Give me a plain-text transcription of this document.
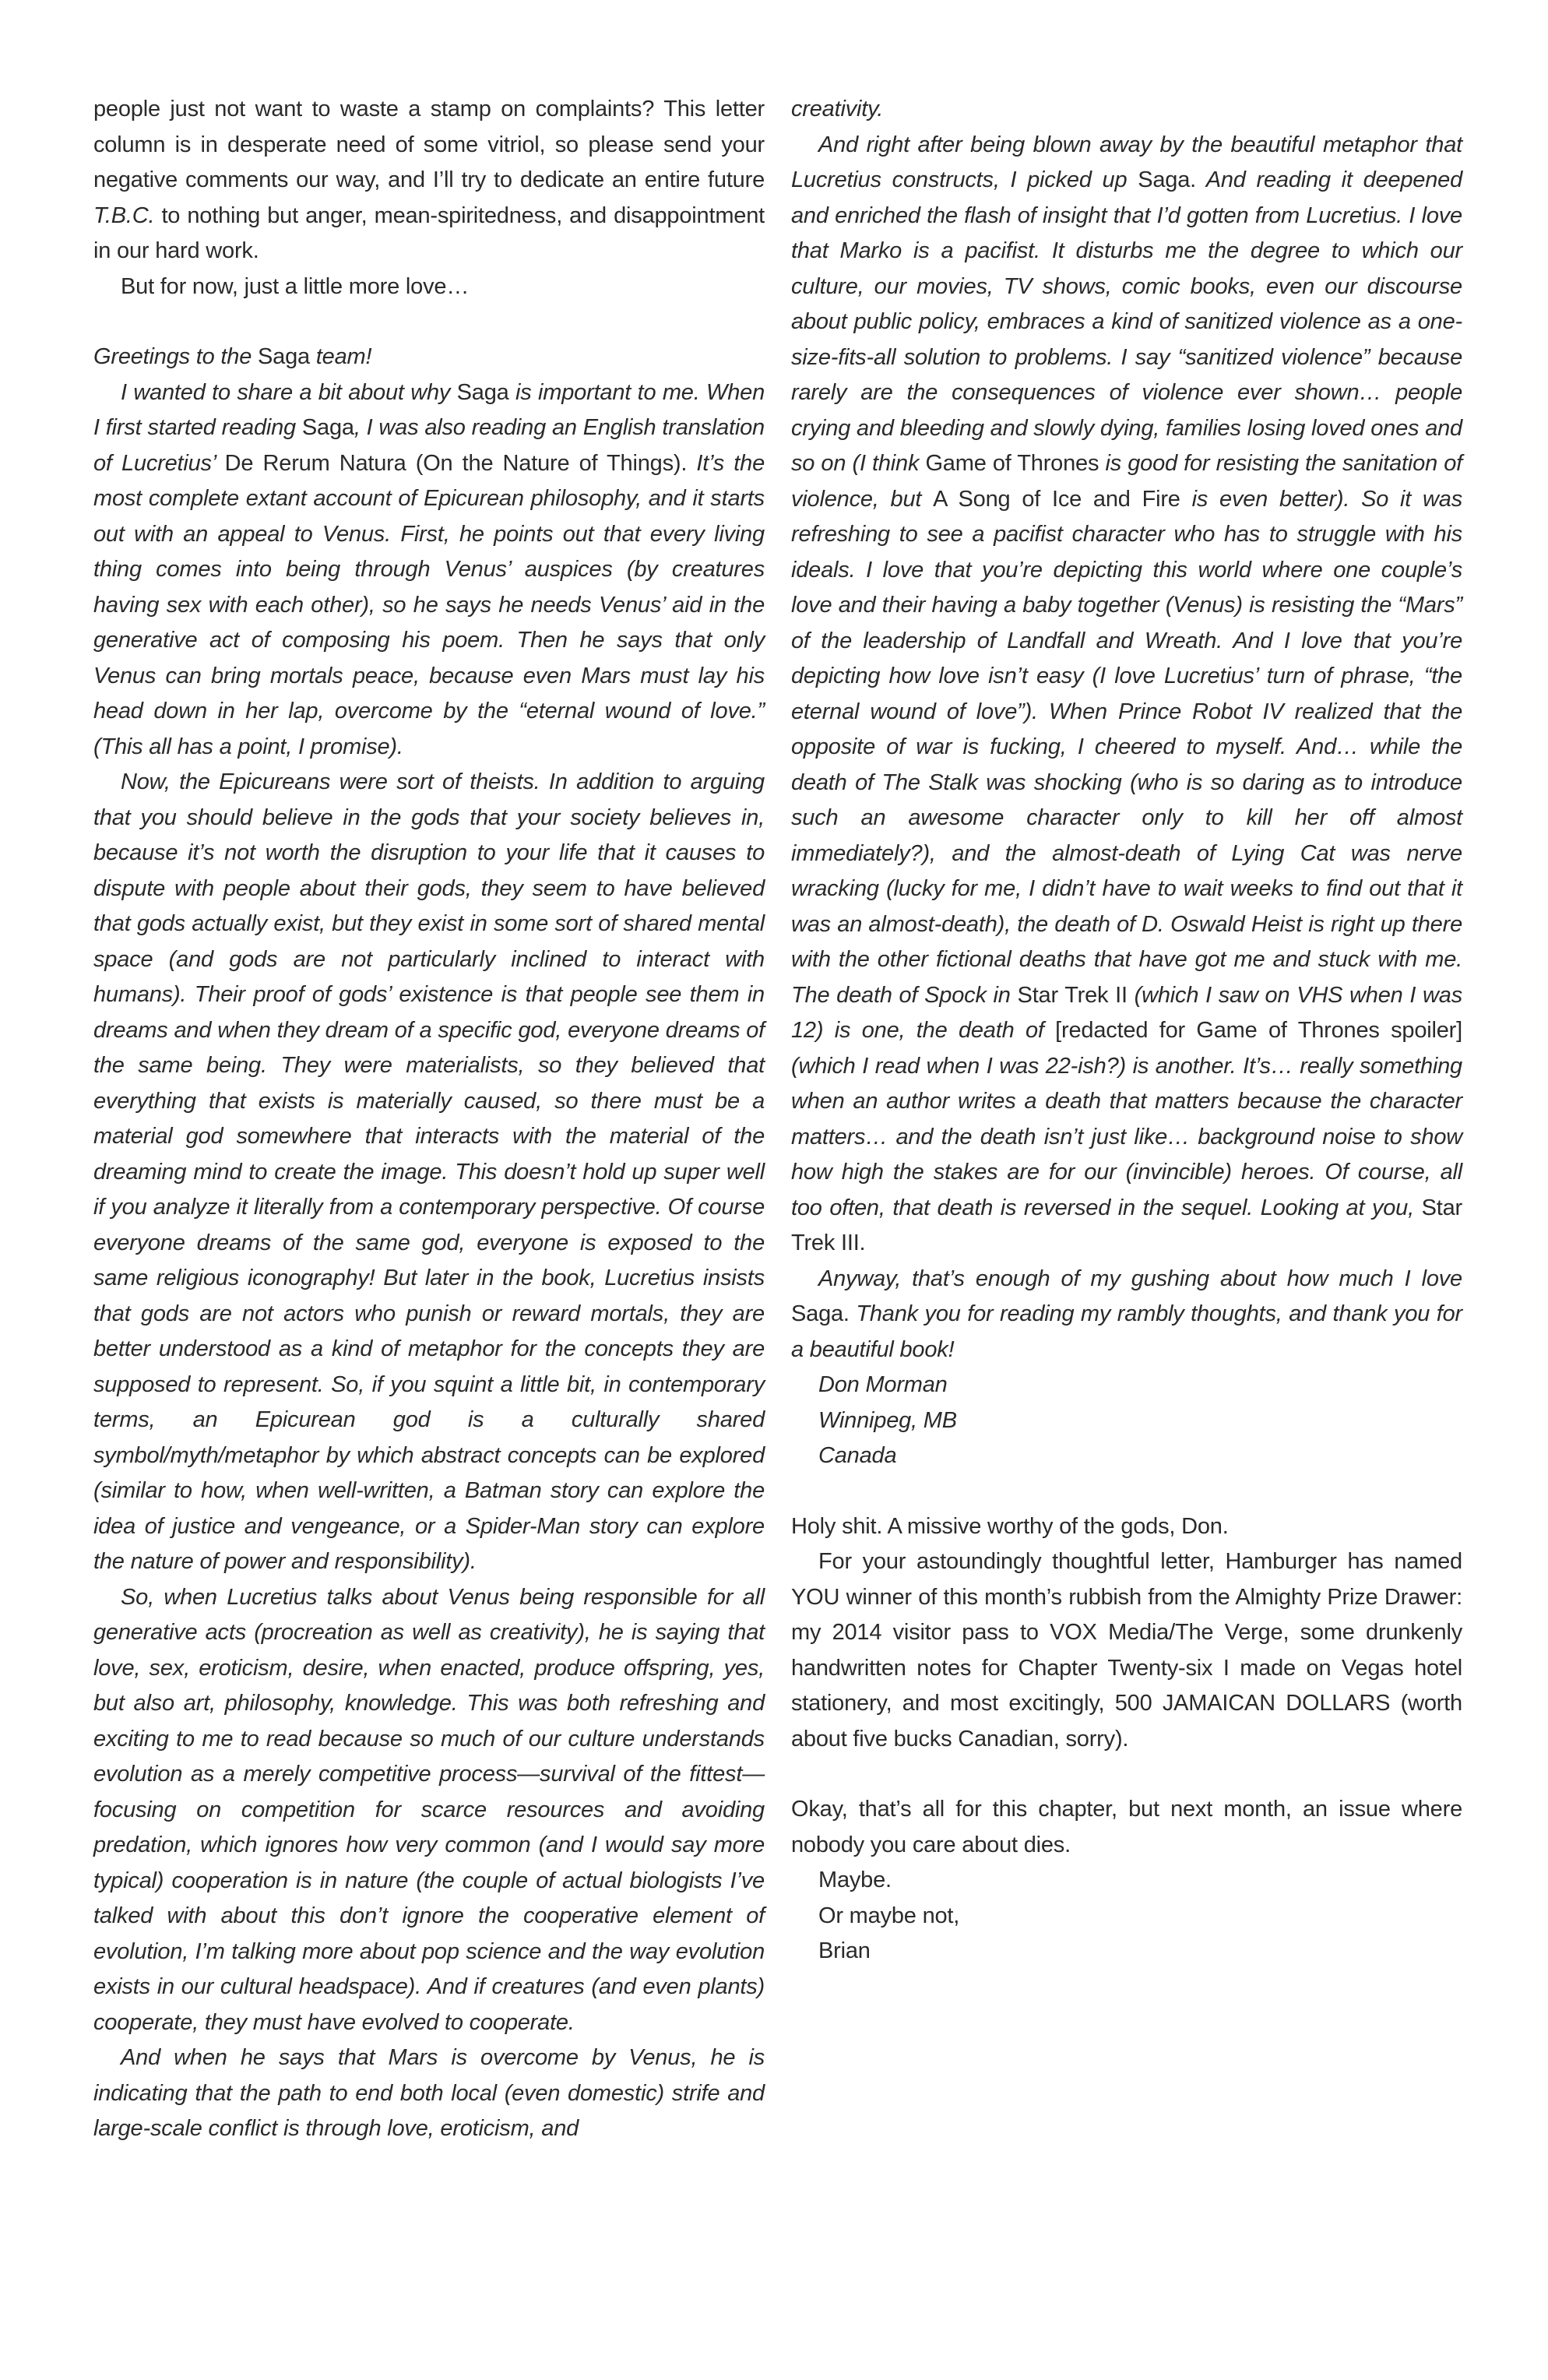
people just not want to waste a stamp on complaints? This letter column is in desperate need of some vitriol, so please send your negative comments our way, and I’ll try to dedicate an entire future T.B.C. to nothing but anger, mean-spiritedness, and disappointment in our hard work.

But for now, just a little more love…

Greetings to the Saga team!

I wanted to share a bit about why Saga is important to me. When I first started reading Saga, I was also reading an English translation of Lucretius’ De Rerum Natura (On the Nature of Things). It’s the most complete extant account of Epicurean philosophy, and it starts out with an appeal to Venus. First, he points out that every living thing comes into being through Venus’ auspices (by creatures having sex with each other), so he says he needs Venus’ aid in the generative act of composing his poem. Then he says that only Venus can bring mortals peace, because even Mars must lay his head down in her lap, overcome by the “eternal wound of love.” (This all has a point, I promise).

Now, the Epicureans were sort of theists. In addition to arguing that you should believe in the gods that your society believes in, because it’s not worth the disruption to your life that it causes to dispute with people about their gods, they seem to have believed that gods actually exist, but they exist in some sort of shared mental space (and gods are not particularly inclined to interact with humans). Their proof of gods’ existence is that people see them in dreams and when they dream of a specific god, everyone dreams of the same being. They were materialists, so they believed that everything that exists is materially caused, so there must be a material god somewhere that interacts with the material of the dreaming mind to create the image. This doesn’t hold up super well if you analyze it literally from a contemporary perspective. Of course everyone dreams of the same god, everyone is exposed to the same religious iconography! But later in the book, Lucretius insists that gods are not actors who punish or reward mortals, they are better understood as a kind of metaphor for the concepts they are supposed to represent. So, if you squint a little bit, in contemporary terms, an Epicurean god is a culturally shared symbol/myth/metaphor by which abstract concepts can be explored (similar to how, when well-written, a Batman story can explore the idea of justice and vengeance, or a Spider-Man story can explore the nature of power and responsibility).

So, when Lucretius talks about Venus being responsible for all generative acts (procreation as well as creativity), he is saying that love, sex, eroticism, desire, when enacted, produce offspring, yes, but also art, philosophy, knowledge. This was both refreshing and exciting to me to read because so much of our culture understands evolution as a merely competitive process—survival of the fittest—focusing on competition for scarce resources and avoiding predation, which ignores how very common (and I would say more typical) cooperation is in nature (the couple of actual biologists I’ve talked with about this don’t ignore the cooperative element of evolution, I’m talking more about pop science and the way evolution exists in our cultural headspace). And if creatures (and even plants) cooperate, they must have evolved to cooperate.

And when he says that Mars is overcome by Venus, he is indicating that the path to end both local (even domestic) strife and large-scale conflict is through love, eroticism, and

creativity.

And right after being blown away by the beautiful metaphor that Lucretius constructs, I picked up Saga. And reading it deepened and enriched the flash of insight that I’d gotten from Lucretius. I love that Marko is a pacifist. It disturbs me the degree to which our culture, our movies, TV shows, comic books, even our discourse about public policy, embraces a kind of sanitized violence as a one-size-fits-all solution to problems. I say “sanitized violence” because rarely are the consequences of violence ever shown… people crying and bleeding and slowly dying, families losing loved ones and so on (I think Game of Thrones is good for resisting the sanitation of violence, but A Song of Ice and Fire is even better). So it was refreshing to see a pacifist character who has to struggle with his ideals. I love that you’re depicting this world where one couple’s love and their having a baby together (Venus) is resisting the “Mars” of the leadership of Landfall and Wreath. And I love that you’re depicting how love isn’t easy (I love Lucretius’ turn of phrase, “the eternal wound of love”). When Prince Robot IV realized that the opposite of war is fucking, I cheered to myself. And… while the death of The Stalk was shocking (who is so daring as to introduce such an awesome character only to kill her off almost immediately?), and the almost-death of Lying Cat was nerve wracking (lucky for me, I didn’t have to wait weeks to find out that it was an almost-death), the death of D. Oswald Heist is right up there with the other fictional deaths that have got me and stuck with me. The death of Spock in Star Trek II (which I saw on VHS when I was 12) is one, the death of [redacted for Game of Thrones spoiler] (which I read when I was 22-ish?) is another. It’s… really something when an author writes a death that matters because the character matters… and the death isn’t just like… background noise to show how high the stakes are for our (invincible) heroes. Of course, all too often, that death is reversed in the sequel. Looking at you, Star Trek III.

Anyway, that’s enough of my gushing about how much I love Saga. Thank you for reading my rambly thoughts, and thank you for a beautiful book!

Don Morman

Winnipeg, MB

Canada

Holy shit. A missive worthy of the gods, Don.

For your astoundingly thoughtful letter, Hamburger has named YOU winner of this month’s rubbish from the Almighty Prize Drawer: my 2014 visitor pass to VOX Media/The Verge, some drunkenly handwritten notes for Chapter Twenty-six I made on Vegas hotel stationery, and most excitingly, 500 JAMAICAN DOLLARS (worth about five bucks Canadian, sorry).

Okay, that’s all for this chapter, but next month, an issue where nobody you care about dies.

Maybe.

Or maybe not,

Brian
